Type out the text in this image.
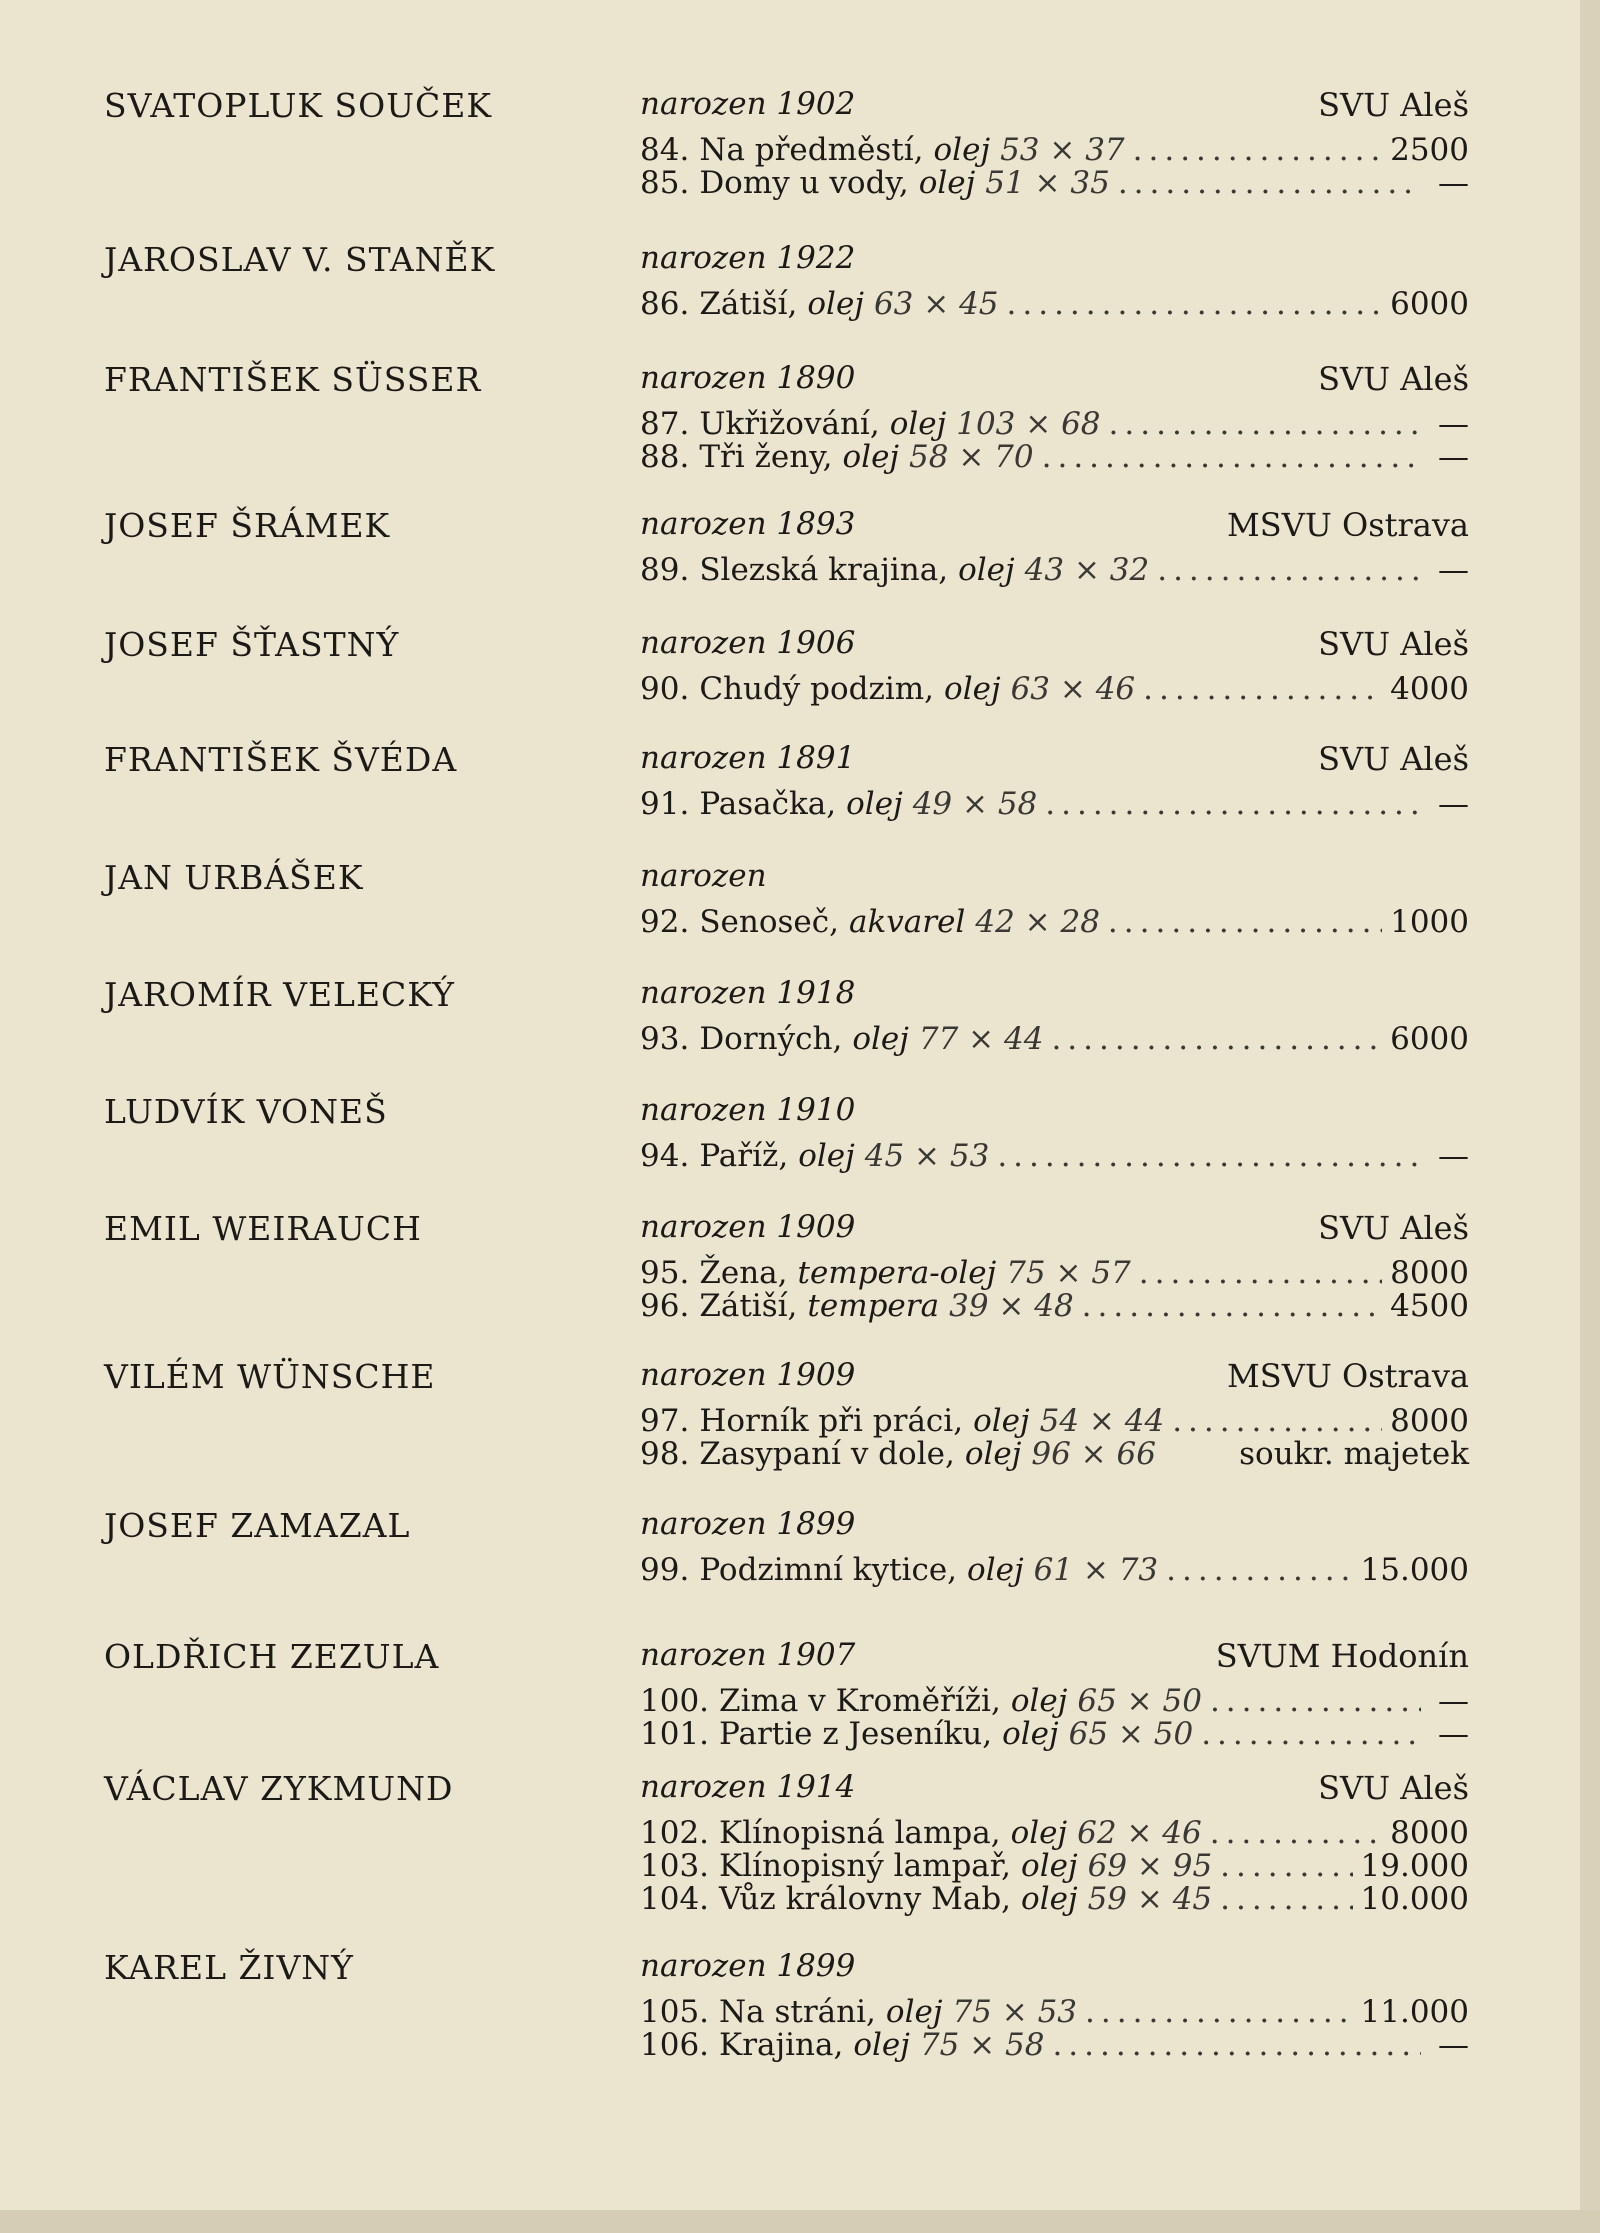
SVATOPLUK SOUČEK	narozen 1902	SVU Aleš
84. Na předměstí, olej 53 × 37 .....	2500
85. Domy u vody, olej 51 × 35 .....	—
JAROSLAV V. STANĚK	narozen 1922
86. Zátiší, olej 63 × 45 .....	6000
FRANTIŠEK SÜSSER	narozen 1890	SVU Aleš
87. Ukřižování, olej 103 × 68 .....	—
88. Tři ženy, olej 58 × 70 .....	—
JOSEF ŠRÁMEK	narozen 1893	MSVU Ostrava
89. Slezská krajina, olej 43 × 32 .....	—
JOSEF ŠŤASTNÝ	narozen 1906	SVU Aleš
90. Chudý podzim, olej 63 × 46 .....	4000
FRANTIŠEK ŠVÉDA	narozen 1891	SVU Aleš
91. Pasačka, olej 49 × 58 .....	—
JAN URBÁŠEK	narozen
92. Senoseč, akvarel 42 × 28 .....	1000
JAROMÍR VELECKÝ	narozen 1918
93. Dorných, olej 77 × 44 .....	6000
LUDVÍK VONEŠ	narozen 1910
94. Paříž, olej 45 × 53 .....	—
EMIL WEIRAUCH	narozen 1909	SVU Aleš
95. Žena, tempera-olej 75 × 57 .....	8000
96. Zátiší, tempera 39 × 48 .....	4500
VILÉM WÜNSCHE	narozen 1909	MSVU Ostrava
97. Horník při práci, olej 54 × 44 .....	8000
98. Zasypaní v dole, olej 96 × 66	soukr. majetek
JOSEF ZAMAZAL	narozen 1899
99. Podzimní kytice, olej 61 × 73 .....	15.000
OLDŘICH ZEZULA	narozen 1907	SVUM Hodonín
100. Zima v Kroměříži, olej 65 × 50 .....	—
101. Partie z Jeseníku, olej 65 × 50 .....	—
VÁCLAV ZYKMUND	narozen 1914	SVU Aleš
102. Klínopisná lampa, olej 62 × 46 .....	8000
103. Klínopisný lampař, olej 69 × 95 .....	19.000
104. Vůz královny Mab, olej 59 × 45 .....	10.000
KAREL ŽIVNÝ	narozen 1899
105. Na stráni, olej 75 × 53 .....	11.000
106. Krajina, olej 75 × 58 .....	—
